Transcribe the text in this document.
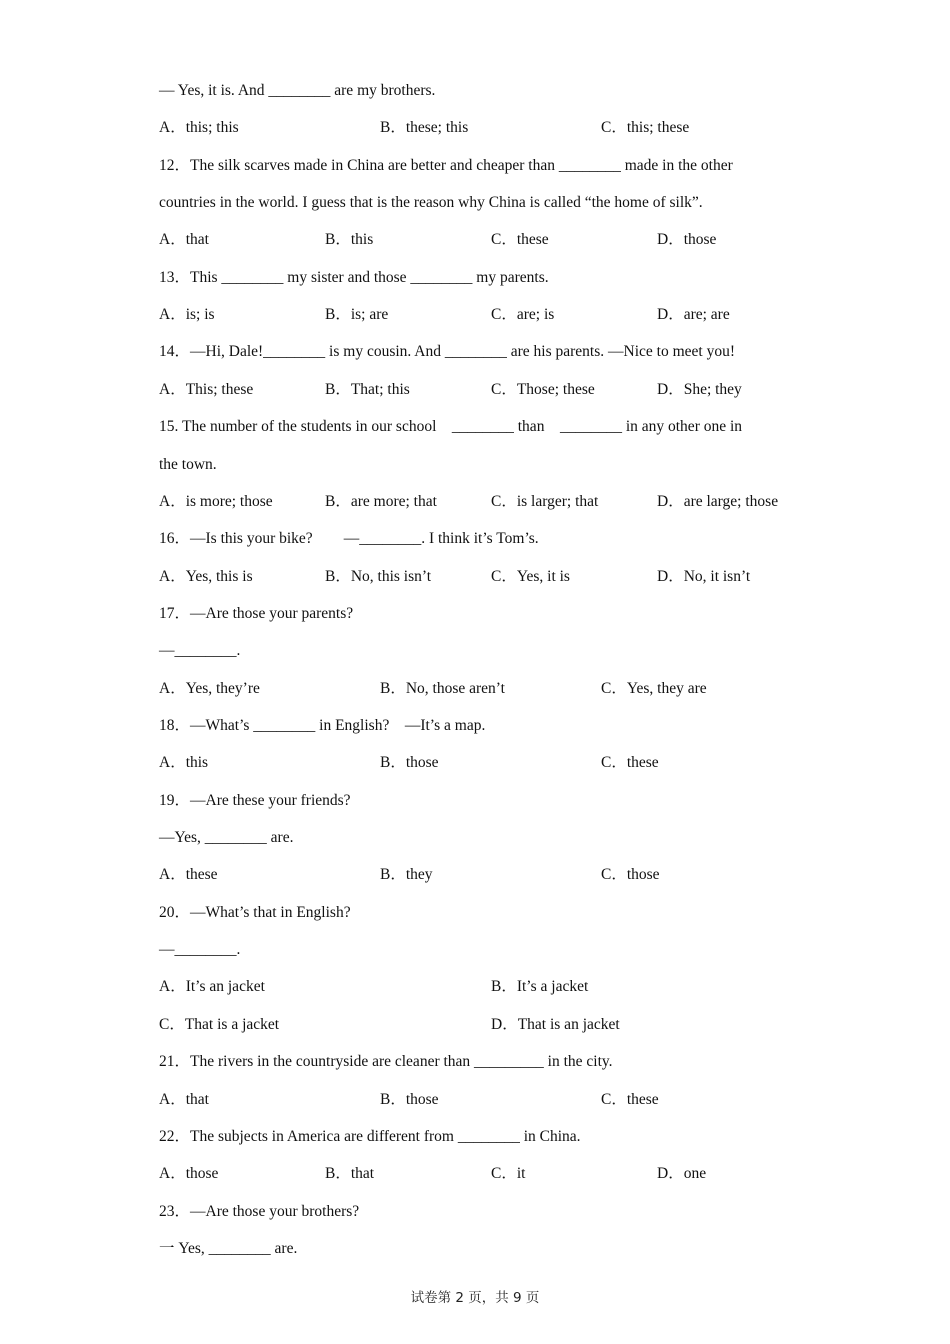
— Yes, it is. And ________ are my brothers.
12．The silk scarves made in China are better and cheaper than ________ made in the other
countries in the world. I guess that is the reason why China is called “the home of silk”.
13．This ________ my sister and those ________ my parents.
14．—Hi, Dale!________ is my cousin. And ________ are his parents. —Nice to meet you!
15. The number of the students in our school    ________ than    ________ in any other one in
the town.
16．—Is this your bike?        —________. I think it’s Tom’s.
17．—Are those your parents?
—________.
18．—What’s ________ in English?    —It’s a map.
19．—Are these your friends?
—Yes, ________ are.
20．—What’s that in English?
—________.
21．The rivers in the countryside are cleaner than _________ in the city.
22．The subjects in America are different from ________ in China.
23．—Are those your brothers?
一 Yes, ________ are.
A．this; this	B．these; this	C．this; these
A．that	B．this	C．these	D．those
A．is; is	B．is; are	C．are; is	D．are; are
A．This; these	B．That; this	C．Those; these	D．She; they
A．is more; those	B．are more; that	C．is larger; that	D．are large; those
A．Yes, this is	B．No, this isn’t	C．Yes, it is	D．No, it isn’t
A．Yes, they’re	B．No, those aren’t	C．Yes, they are
A．this	B．those	C．these
A．these	B．they	C．those
A．It’s an jacket	B．It’s a jacket
C．That is a jacket	D．That is an jacket
A．that	B．those	C．these
A．those	B．that	C．it	D．one
试卷第 2 页，共 9 页
